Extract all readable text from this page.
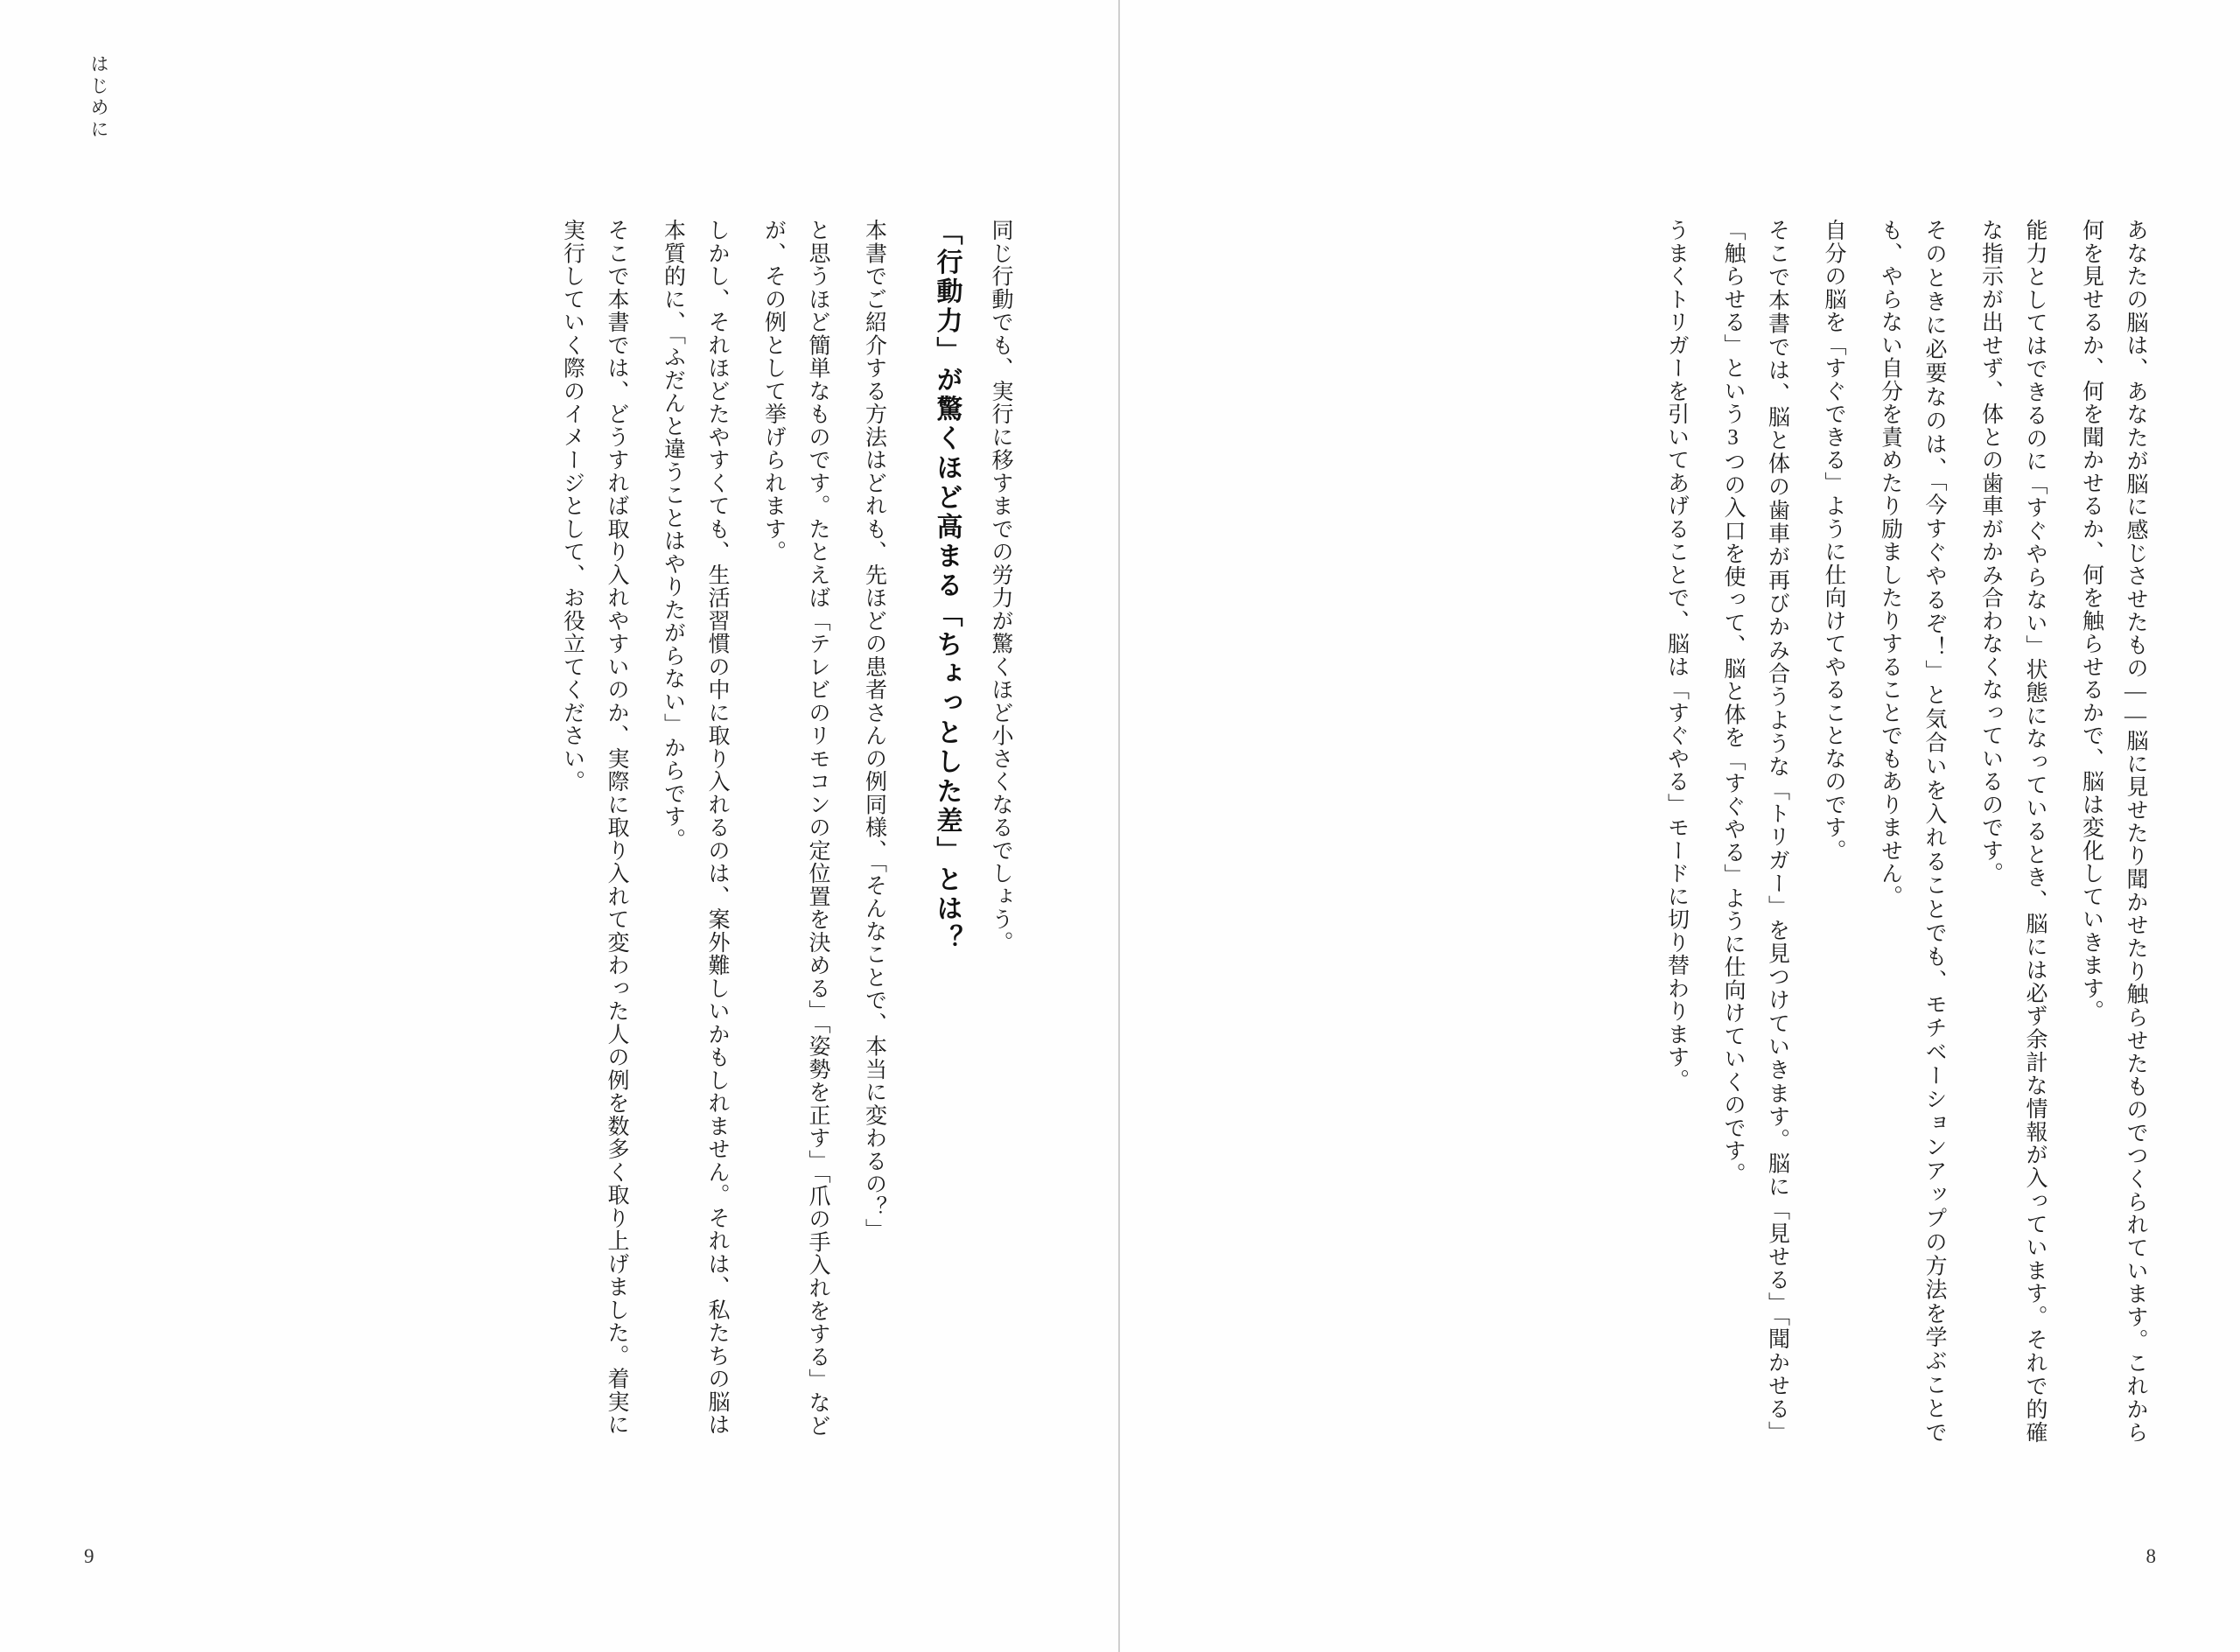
はじめに
同じ行動でも、実行に移すまでの労力が驚くほど小さくなるでしょう。
「行動力」が驚くほど高まる「ちょっとした差」とは？
本書でご紹介する方法はどれも、先ほどの患者さんの例同様、「そんなことで、本当に変わるの？」
と思うほど簡単なものです。たとえば「テレビのリモコンの定位置を決める」「姿勢を正す」「爪の手入れをする」などが、その例として挙げられます。
しかし、それほどたやすくても、生活習慣の中に取り入れるのは、案外難しいかもしれません。それは、私たちの脳は本質的に、「ふだんと違うことはやりたがらない」からです。
そこで本書では、どうすれば取り入れやすいのか、実際に取り入れて変わった人の例を数多く取り上げました。着実に実行していく際のイメージとして、お役立てください。
9
あなたの脳は、あなたが脳に感じさせたもの――脳に見せたり聞かせたり触らせたものでつくられています。これから何を見せるか、何を聞かせるか、何を触らせるかで、脳は変化していきます。
能力としてはできるのに「すぐやらない」状態になっているとき、脳には必ず余計な情報が入っています。それで的確な指示が出せず、体との歯車がかみ合わなくなっているのです。
そのときに必要なのは、「今すぐやるぞ！」と気合いを入れることでも、モチベーションアップの方法を学ぶことでも、やらない自分を責めたり励ましたりすることでもありません。
自分の脳を「すぐできる」ように仕向けてやることなのです。
そこで本書では、脳と体の歯車が再びかみ合うような「トリガー」を見つけていきます。脳に「見せる」「聞かせる」「触らせる」という3つの入口を使って、脳と体を「すぐやる」ように仕向けていくのです。
うまくトリガーを引いてあげることで、脳は「すぐやる」モードに切り替わります。
8
